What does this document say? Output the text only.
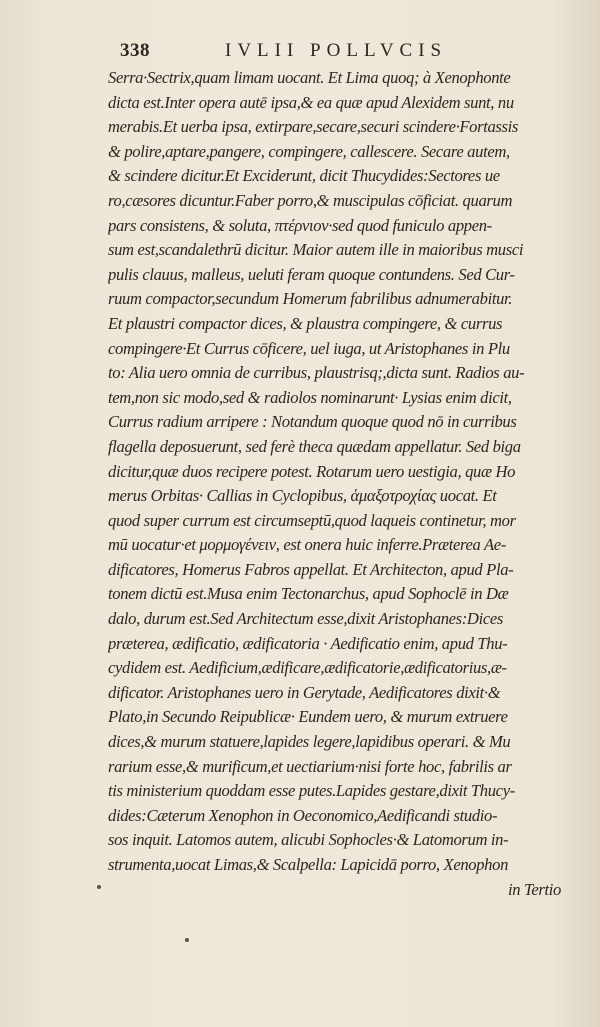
338	IVLII POLLVCIS
Serra·Sectrix,quam limam uocant. Et Lima quoq; à Xenophonte
dicta est.Inter opera autē ipsa,& ea quæ apud Alexidem sunt, nu
merabis.Et uerba ipsa, extirpare,secare,securi scindere·Fortassis
& polire,aptare,pangere, compingere, callescere. Secare autem,
& scindere dicitur.Et Exciderunt, dicit Thucydides:Sectores ue
ro,cæsores dicuntur.Faber porro,& muscipulas cōficiat. quarum
pars consistens, & soluta, πτέρνιον·sed quod funiculo appen-
sum est,scandalethrū dicitur. Maior autem ille in maioribus musci
pulis clauus, malleus, ueluti feram quoque contundens. Sed Cur-
ruum compactor,secundum Homerum fabrilibus adnumerabitur.
Et plaustri compactor dices, & plaustra compingere, & currus
compingere·Et Currus cōficere, uel iuga, ut Aristophanes in Plu
to: Alia uero omnia de curribus, plaustrisq;,dicta sunt. Radios au-
tem,non sic modo,sed & radiolos nominarunt· Lysias enim dicit,
Currus radium arripere : Notandum quoque quod nō in curribus
flagella deposuerunt, sed ferè theca quædam appellatur. Sed biga
dicitur,quæ duos recipere potest. Rotarum uero uestigia, quæ Ho
merus Orbitas· Callias in Cyclopibus, ἁμαξοτροχίας uocat. Et
quod super currum est circumseptū,quod laqueis continetur, mor
mū uocatur·et μορμογένειν, est onera huic inferre.Præterea Ae-
dificatores, Homerus Fabros appellat. Et Architecton, apud Pla-
tonem dictū est.Musa enim Tectonarchus, apud Sophoclē in Dæ
dalo, durum est.Sed Architectum esse,dixit Aristophanes:Dices
præterea, ædificatio, ædificatoria · Aedificatio enim, apud Thu-
cydidem est. Aedificium,ædificare,ædificatorie,ædificatorius,æ-
dificator. Aristophanes uero in Gerytade, Aedificatores dixit·&
Plato,in Secundo Reipublicæ· Eundem uero, & murum extruere
dices,& murum statuere,lapides legere,lapidibus operari. & Mu
rarium esse,& murificum,et uectiarium·nisi forte hoc, fabrilis ar
tis ministerium quoddam esse putes.Lapides gestare,dixit Thucy-
dides:Cæterum Xenophon in Oeconomico,Aedificandi studio-
sos inquit. Latomos autem, alicubi Sophocles·& Latomorum in-
strumenta,uocat Limas,& Scalpella: Lapicidā porro, Xenophon
in Tertio
